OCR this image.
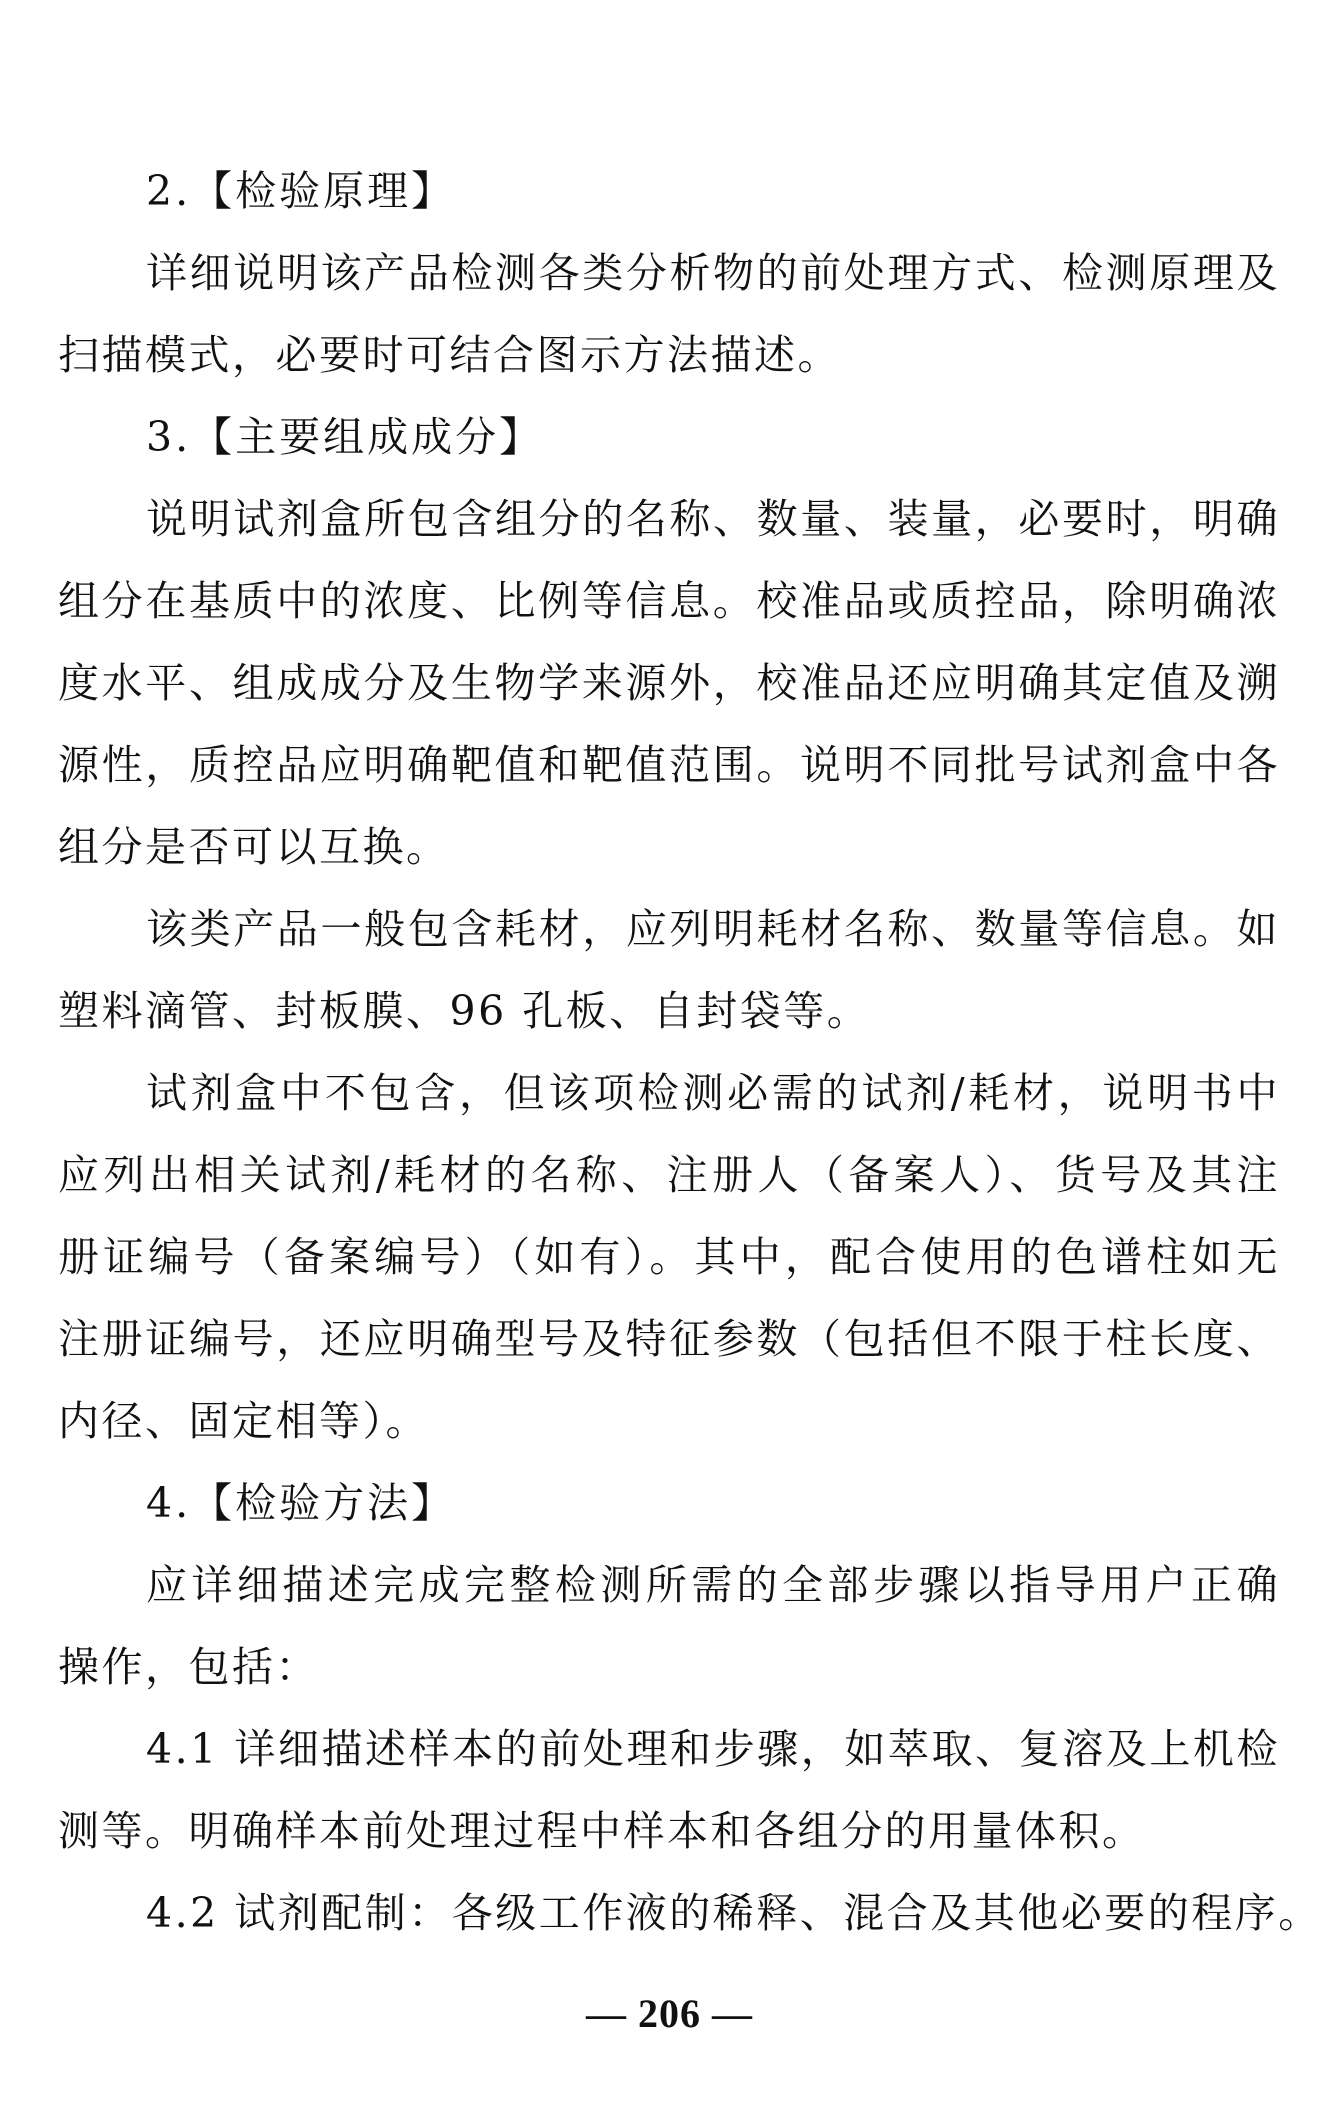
2.【检验原理】

详细说明该产品检测各类分析物的前处理方式、检测原理及

扫描模式，必要时可结合图示方法描述。

3.【主要组成成分】

说明试剂盒所包含组分的名称、数量、装量，必要时，明确

组分在基质中的浓度、比例等信息。校准品或质控品，除明确浓

度水平、组成成分及生物学来源外，校准品还应明确其定值及溯

源性，质控品应明确靶值和靶值范围。说明不同批号试剂盒中各

组分是否可以互换。

该类产品一般包含耗材，应列明耗材名称、数量等信息。如

塑料滴管、封板膜、96 孔板、自封袋等。

试剂盒中不包含，但该项检测必需的试剂/耗材，说明书中

应列出相关试剂/耗材的名称、注册人（备案人）、货号及其注

册证编号（备案编号）（如有）。其中，配合使用的色谱柱如无

注册证编号，还应明确型号及特征参数（包括但不限于柱长度、

内径、固定相等）。

4.【检验方法】

应详细描述完成完整检测所需的全部步骤以指导用户正确

操作，包括：

4.1 详细描述样本的前处理和步骤，如萃取、复溶及上机检

测等。明确样本前处理过程中样本和各组分的用量体积。

4.2 试剂配制：各级工作液的稀释、混合及其他必要的程序。

— 206 —
